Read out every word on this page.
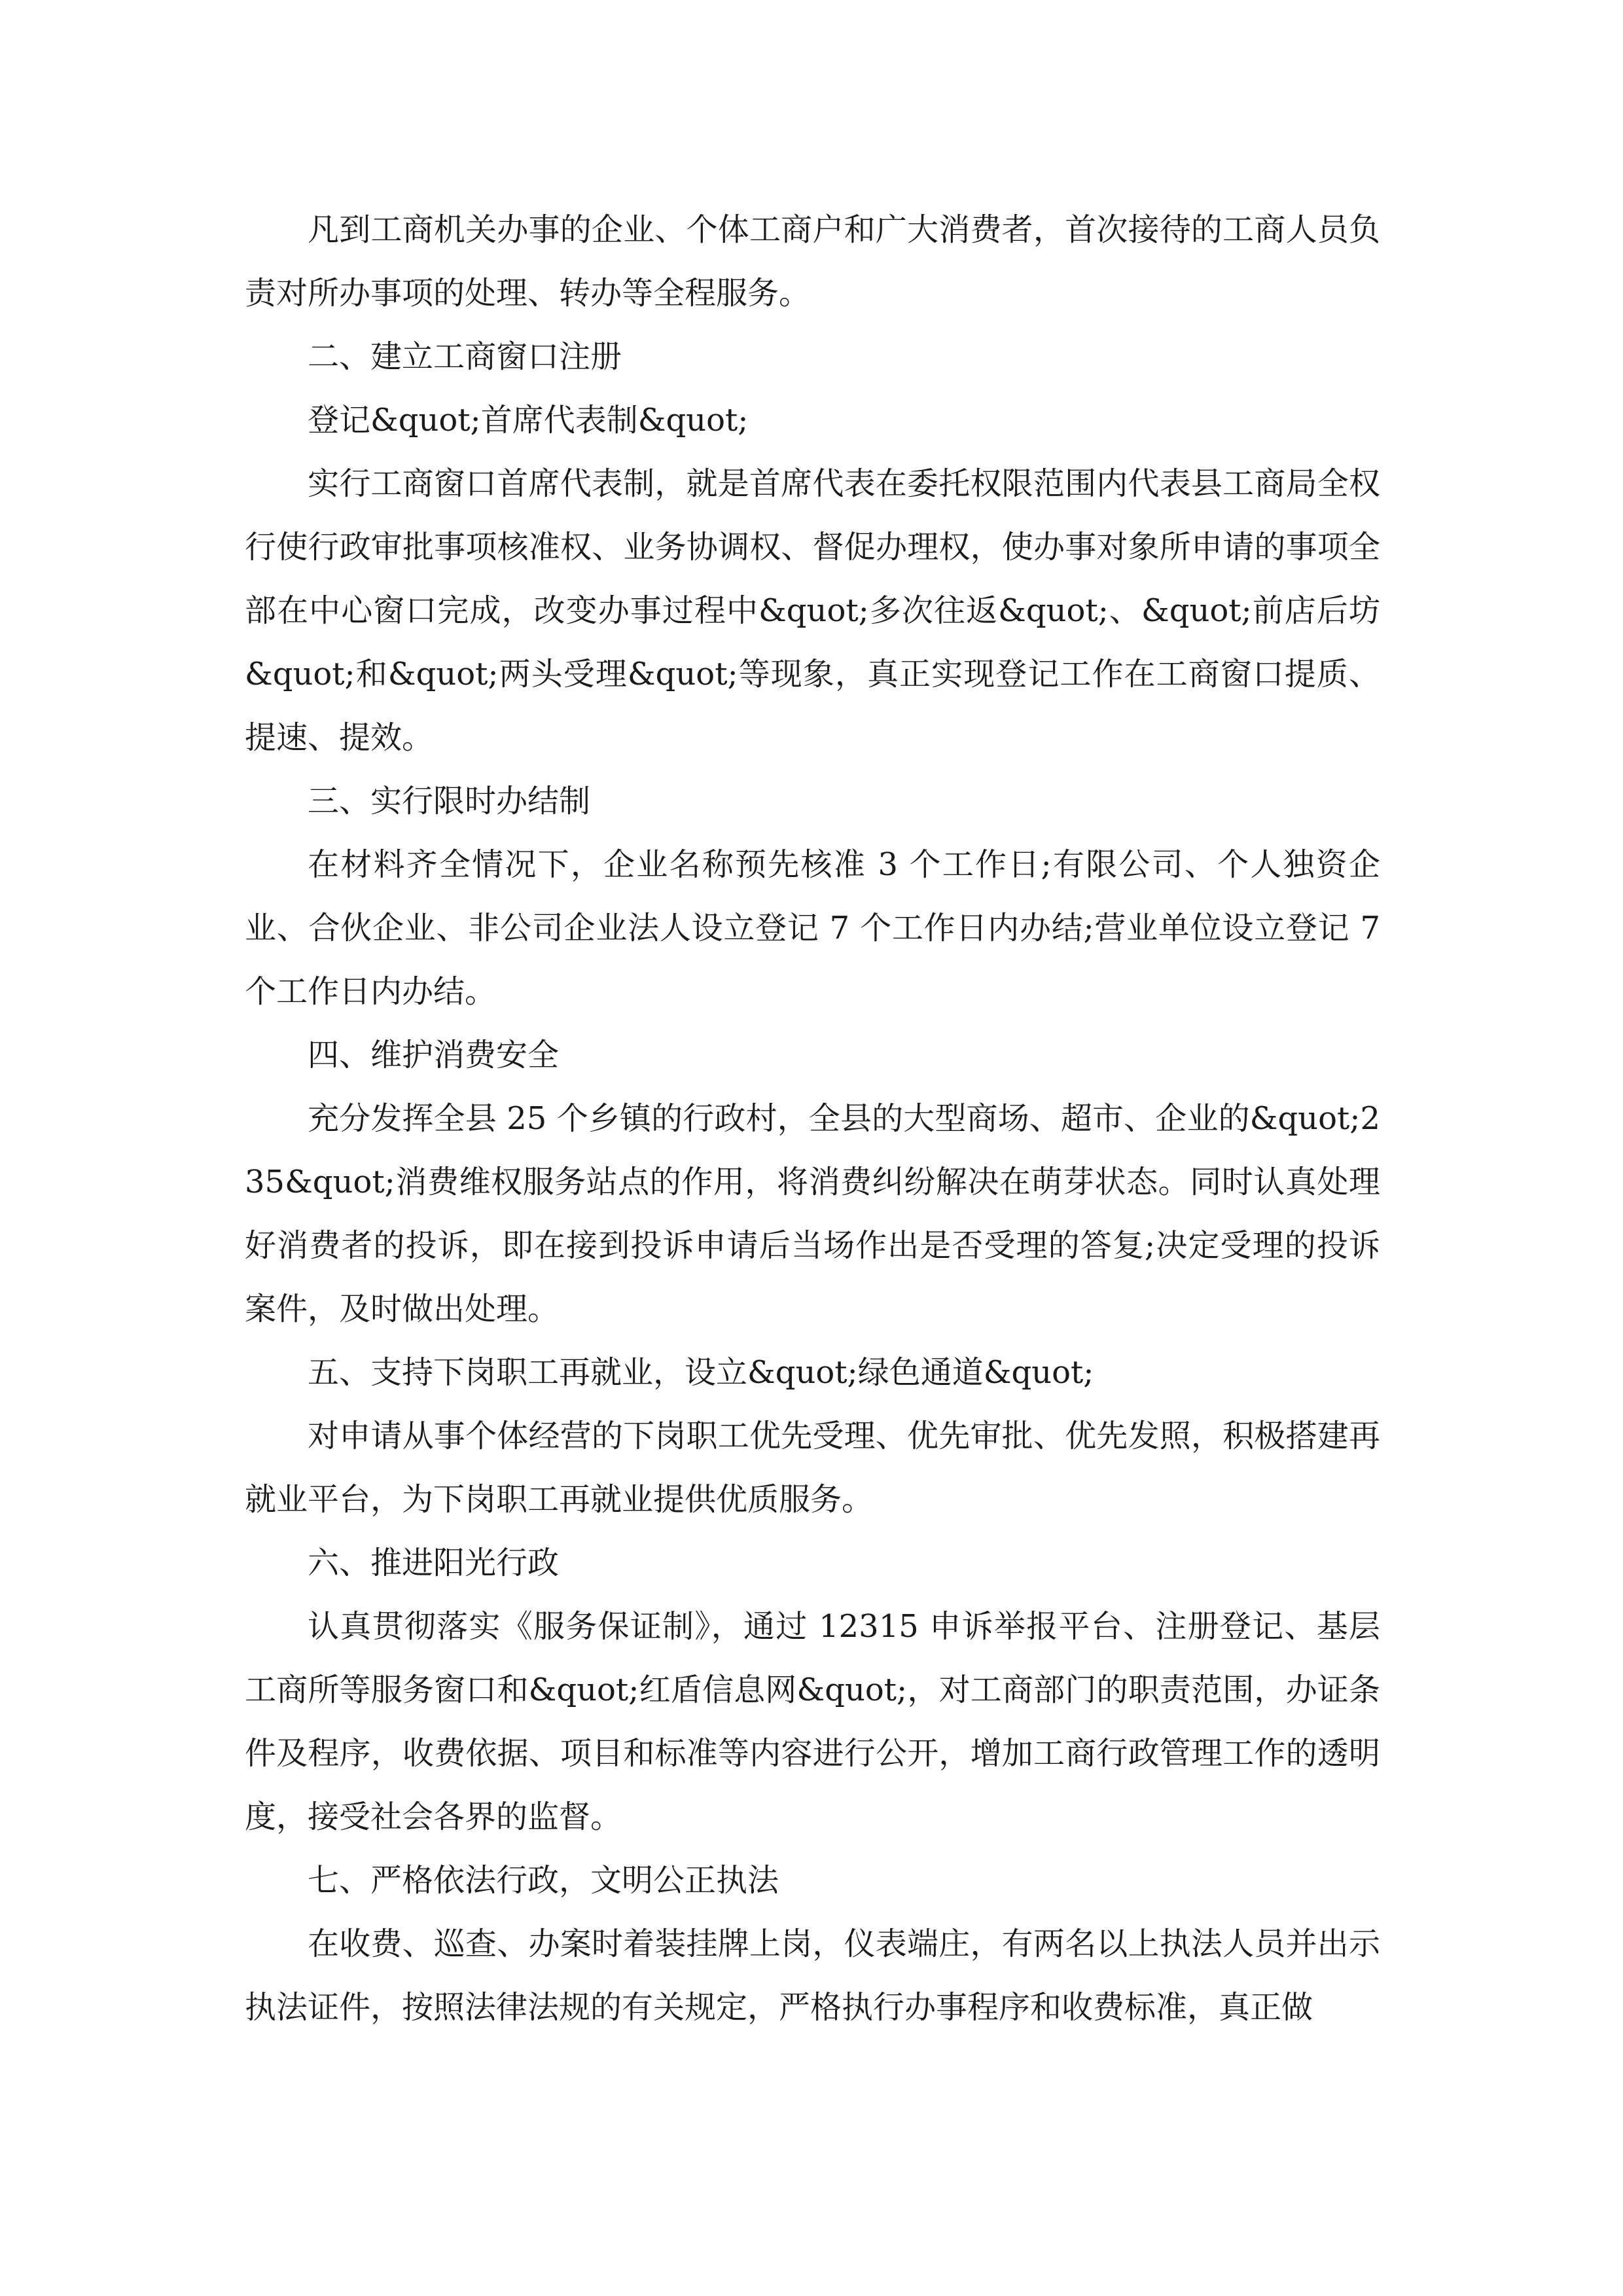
凡到工商机关办事的企业、个体工商户和广大消费者，首次接待的工商人员负责对所办事项的处理、转办等全程服务。

二、建立工商窗口注册

登记&quot;首席代表制&quot;

实行工商窗口首席代表制，就是首席代表在委托权限范围内代表县工商局全权行使行政审批事项核准权、业务协调权、督促办理权，使办事对象所申请的事项全部在中心窗口完成，改变办事过程中&quot;多次往返&quot;、&quot;前店后坊&quot;和&quot;两头受理&quot;等现象，真正实现登记工作在工商窗口提质、提速、提效。

三、实行限时办结制

在材料齐全情况下，企业名称预先核准 3 个工作日;有限公司、个人独资企业、合伙企业、非公司企业法人设立登记 7 个工作日内办结;营业单位设立登记 7 个工作日内办结。

四、维护消费安全

充分发挥全县 25 个乡镇的行政村，全县的大型商场、超市、企业的&quot;235&quot;消费维权服务站点的作用，将消费纠纷解决在萌芽状态。同时认真处理好消费者的投诉，即在接到投诉申请后当场作出是否受理的答复;决定受理的投诉案件，及时做出处理。

五、支持下岗职工再就业，设立&quot;绿色通道&quot;

对申请从事个体经营的下岗职工优先受理、优先审批、优先发照，积极搭建再就业平台，为下岗职工再就业提供优质服务。

六、推进阳光行政

认真贯彻落实《服务保证制》，通过 12315 申诉举报平台、注册登记、基层工商所等服务窗口和&quot;红盾信息网&quot;，对工商部门的职责范围，办证条件及程序，收费依据、项目和标准等内容进行公开，增加工商行政管理工作的透明度，接受社会各界的监督。

七、严格依法行政，文明公正执法

在收费、巡查、办案时着装挂牌上岗，仪表端庄，有两名以上执法人员并出示执法证件，按照法律法规的有关规定，严格执行办事程序和收费标准，真正做
